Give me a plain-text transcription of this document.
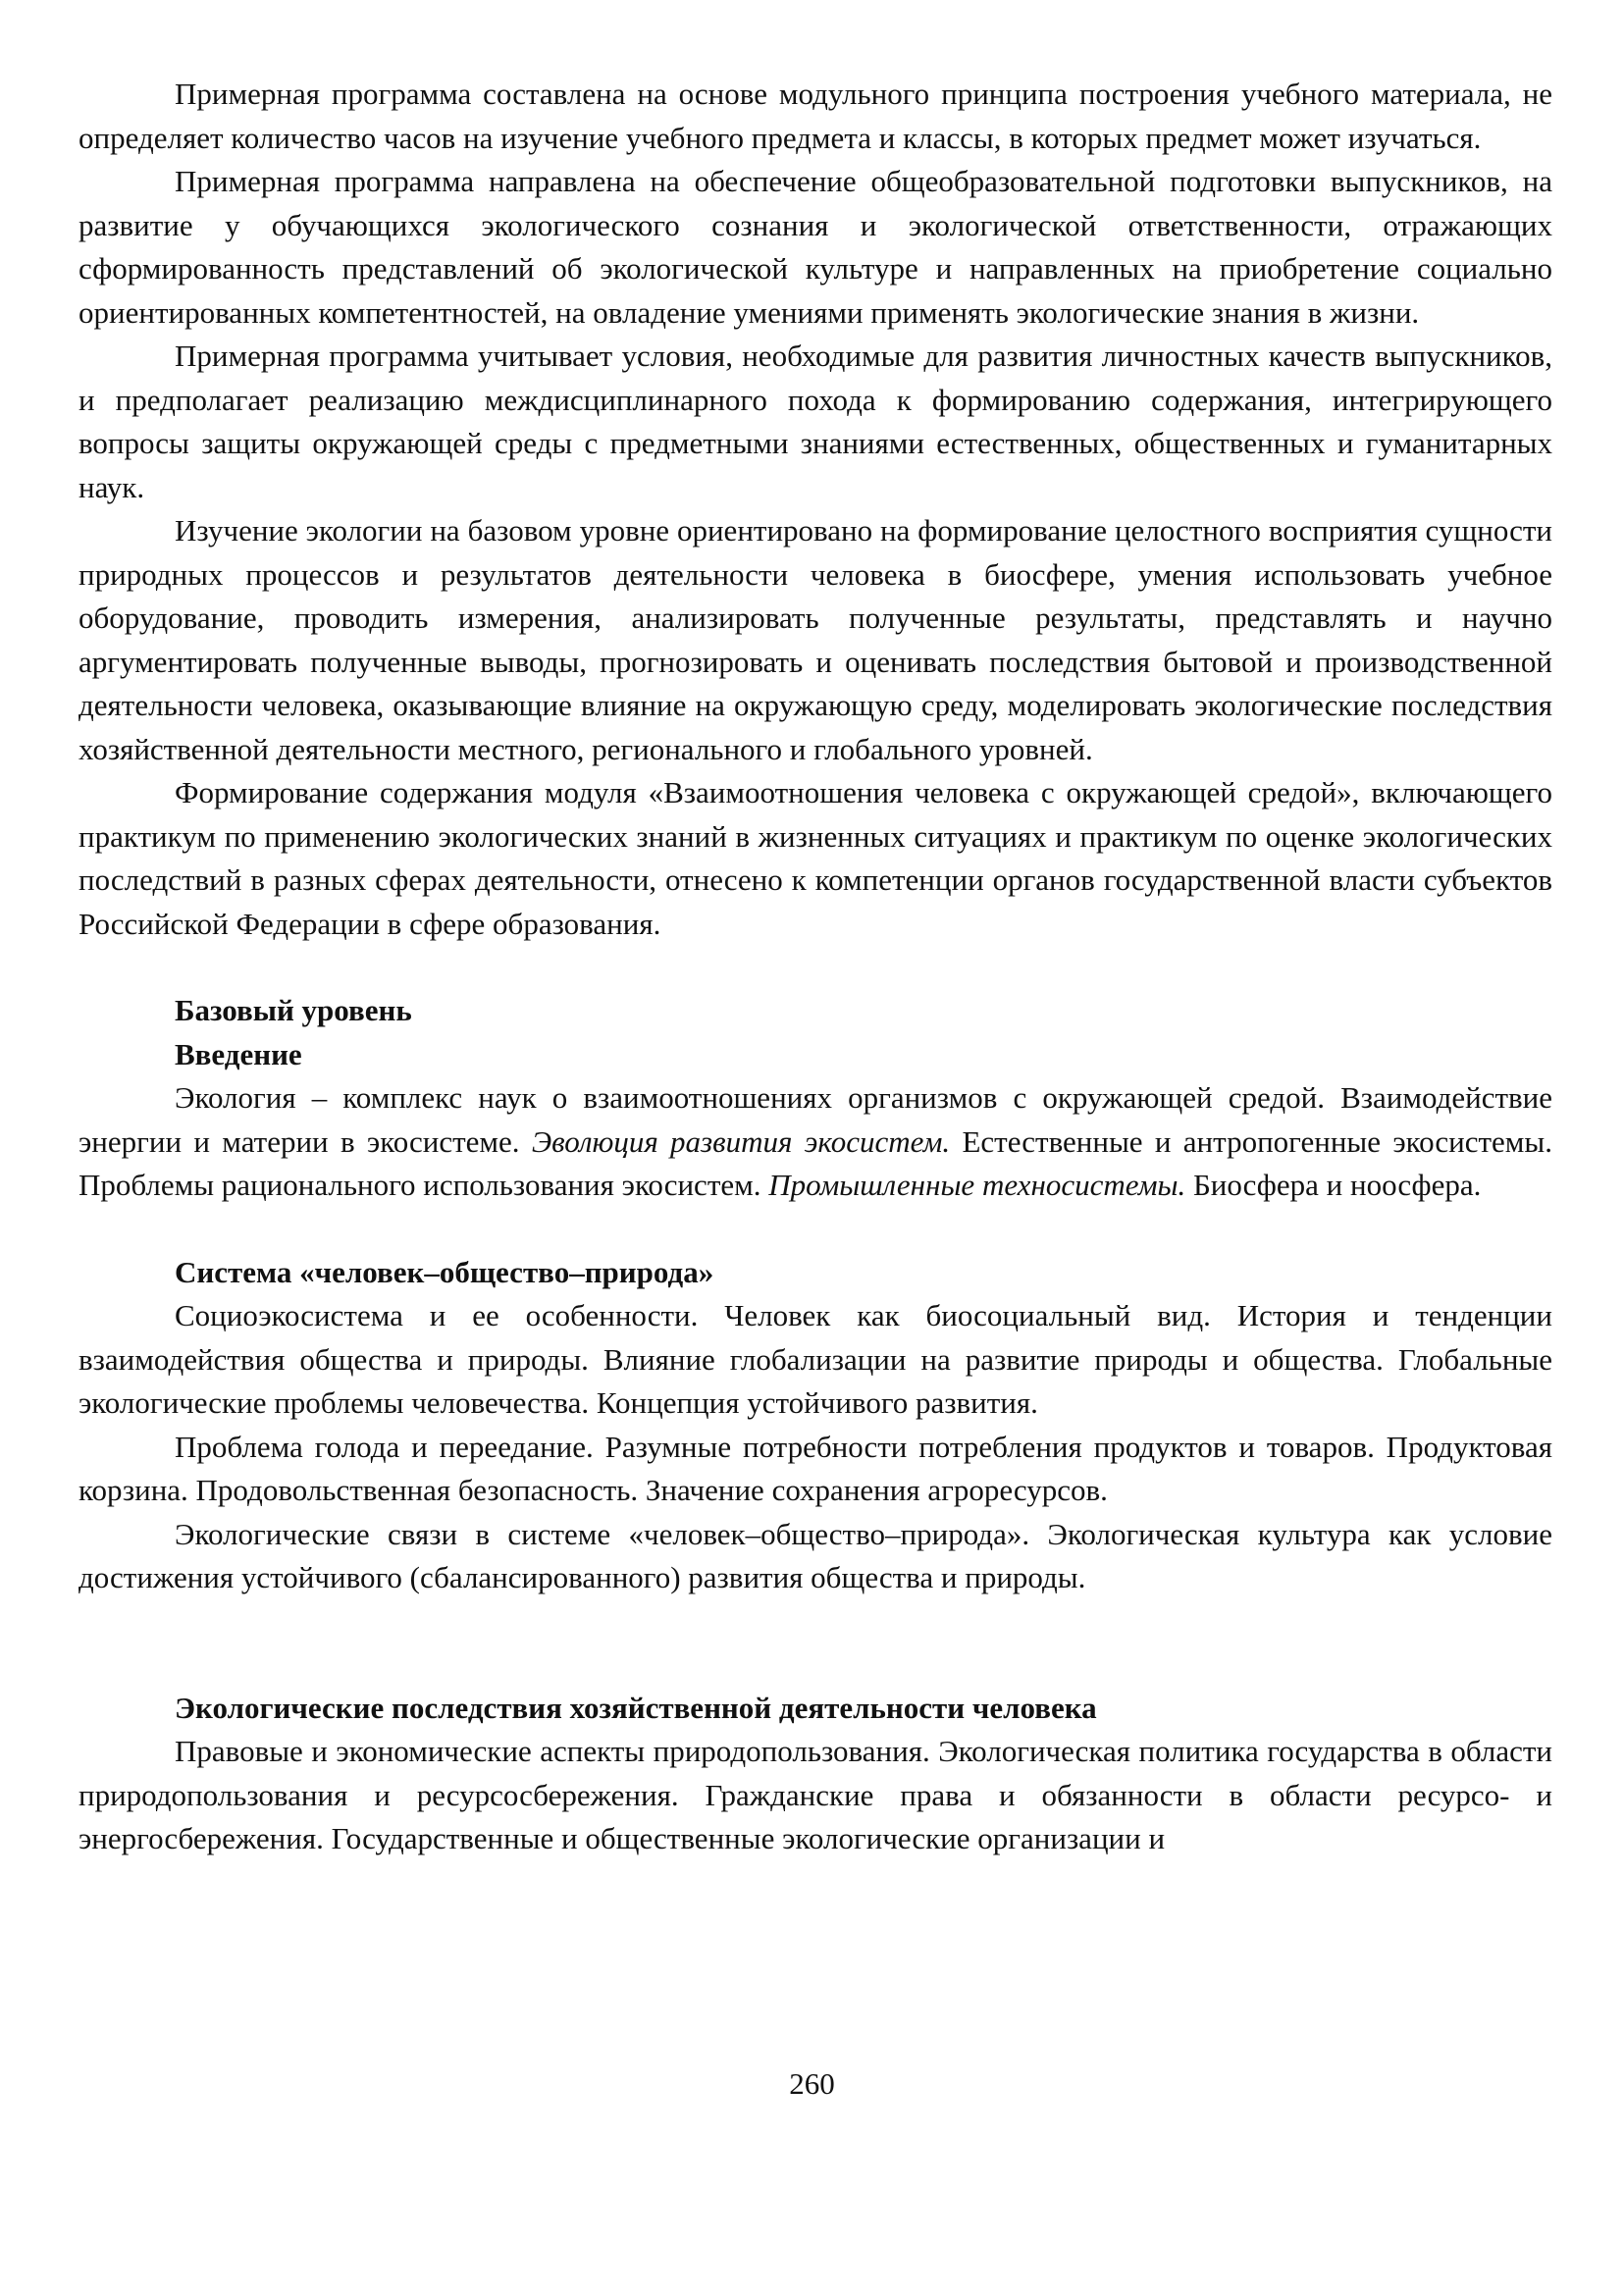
Примерная программа составлена на основе модульного принципа построения учебного материала, не определяет количество часов на изучение учебного предмета и классы, в которых предмет может изучаться.

Примерная программа направлена на обеспечение общеобразовательной подготовки выпускников, на развитие у обучающихся экологического сознания и экологической ответственности, отражающих сформированность представлений об экологической культуре и направленных на приобретение социально ориентированных компетентностей, на овладение умениями применять экологические знания в жизни.

Примерная программа учитывает условия, необходимые для развития личностных качеств выпускников, и предполагает реализацию междисциплинарного похода к формированию содержания, интегрирующего вопросы защиты окружающей среды с предметными знаниями естественных, общественных и гуманитарных наук.

Изучение экологии на базовом уровне ориентировано на формирование целостного восприятия сущности природных процессов и результатов деятельности человека в биосфере, умения использовать учебное оборудование, проводить измерения, анализировать полученные результаты, представлять и научно аргументировать полученные выводы, прогнозировать и оценивать последствия бытовой и производственной деятельности человека, оказывающие влияние на окружающую среду, моделировать экологические последствия хозяйственной деятельности местного, регионального и глобального уровней.

Формирование содержания модуля «Взаимоотношения человека с окружающей средой», включающего практикум по применению экологических знаний в жизненных ситуациях и практикум по оценке экологических последствий в разных сферах деятельности, отнесено к компетенции органов государственной власти субъектов Российской Федерации в сфере образования.

Базовый уровень
Введение

Экология – комплекс наук о взаимоотношениях организмов с окружающей средой. Взаимодействие энергии и материи в экосистеме. Эволюция развития экосистем. Естественные и антропогенные экосистемы. Проблемы рационального использования экосистем. Промышленные техносистемы. Биосфера и ноосфера.

Система «человек–общество–природа»

Социоэкосистема и ее особенности. Человек как биосоциальный вид. История и тенденции взаимодействия общества и природы. Влияние глобализации на развитие природы и общества. Глобальные экологические проблемы человечества. Концепция устойчивого развития.

Проблема голода и переедание. Разумные потребности потребления продуктов и товаров. Продуктовая корзина. Продовольственная безопасность. Значение сохранения агроресурсов.

Экологические связи в системе «человек–общество–природа». Экологическая культура как условие достижения устойчивого (сбалансированного) развития общества и природы.

Экологические последствия хозяйственной деятельности человека

Правовые и экономические аспекты природопользования. Экологическая политика государства в области природопользования и ресурсосбережения. Гражданские права и обязанности в области ресурсо- и энергосбережения. Государственные и общественные экологические организации и

260
